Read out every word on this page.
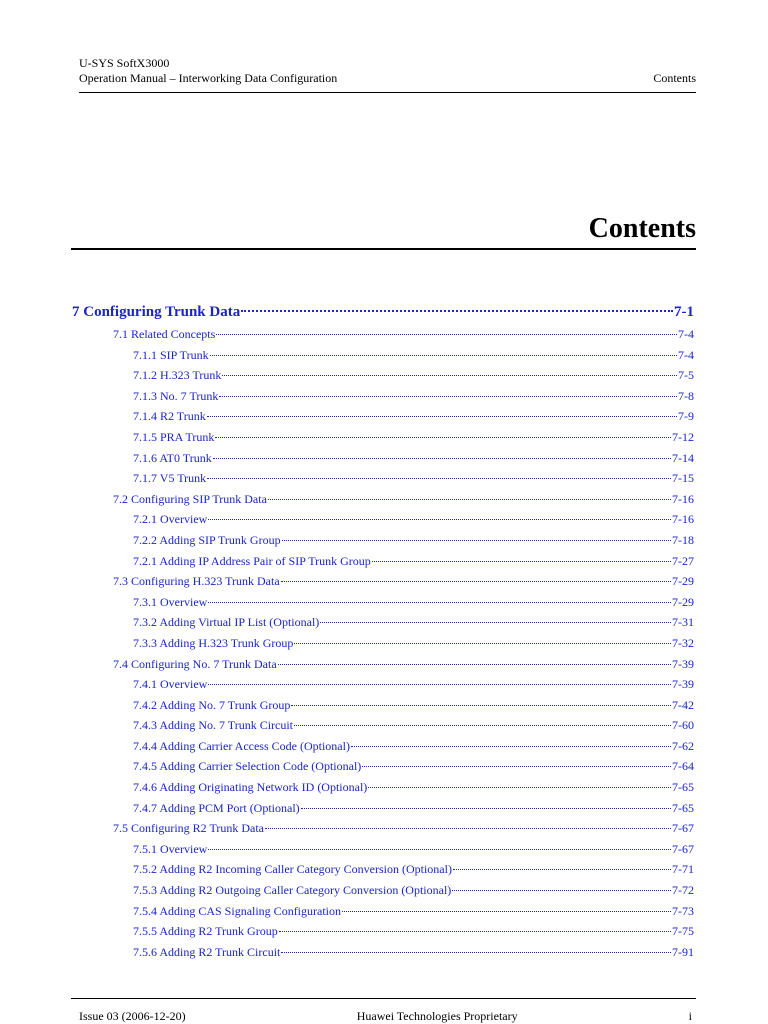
U-SYS SoftX3000
Operation Manual – Interworking Data Configuration	Contents
Contents
7 Configuring Trunk Data	7-1
7.1 Related Concepts	7-4
7.1.1 SIP Trunk	7-4
7.1.2 H.323 Trunk	7-5
7.1.3 No. 7 Trunk	7-8
7.1.4 R2 Trunk	7-9
7.1.5 PRA Trunk	7-12
7.1.6 AT0 Trunk	7-14
7.1.7 V5 Trunk	7-15
7.2 Configuring SIP Trunk Data	7-16
7.2.1 Overview	7-16
7.2.2 Adding SIP Trunk Group	7-18
7.2.1 Adding IP Address Pair of SIP Trunk Group	7-27
7.3 Configuring H.323 Trunk Data	7-29
7.3.1 Overview	7-29
7.3.2 Adding Virtual IP List (Optional)	7-31
7.3.3 Adding H.323 Trunk Group	7-32
7.4 Configuring No. 7 Trunk Data	7-39
7.4.1 Overview	7-39
7.4.2 Adding No. 7 Trunk Group	7-42
7.4.3 Adding No. 7 Trunk Circuit	7-60
7.4.4 Adding Carrier Access Code (Optional)	7-62
7.4.5 Adding Carrier Selection Code (Optional)	7-64
7.4.6 Adding Originating Network ID (Optional)	7-65
7.4.7 Adding PCM Port (Optional)	7-65
7.5 Configuring R2 Trunk Data	7-67
7.5.1 Overview	7-67
7.5.2 Adding R2 Incoming Caller Category Conversion (Optional)	7-71
7.5.3 Adding R2 Outgoing Caller Category Conversion (Optional)	7-72
7.5.4 Adding CAS Signaling Configuration	7-73
7.5.5 Adding R2 Trunk Group	7-75
7.5.6 Adding R2 Trunk Circuit	7-91
Issue 03 (2006-12-20)	Huawei Technologies Proprietary	i
